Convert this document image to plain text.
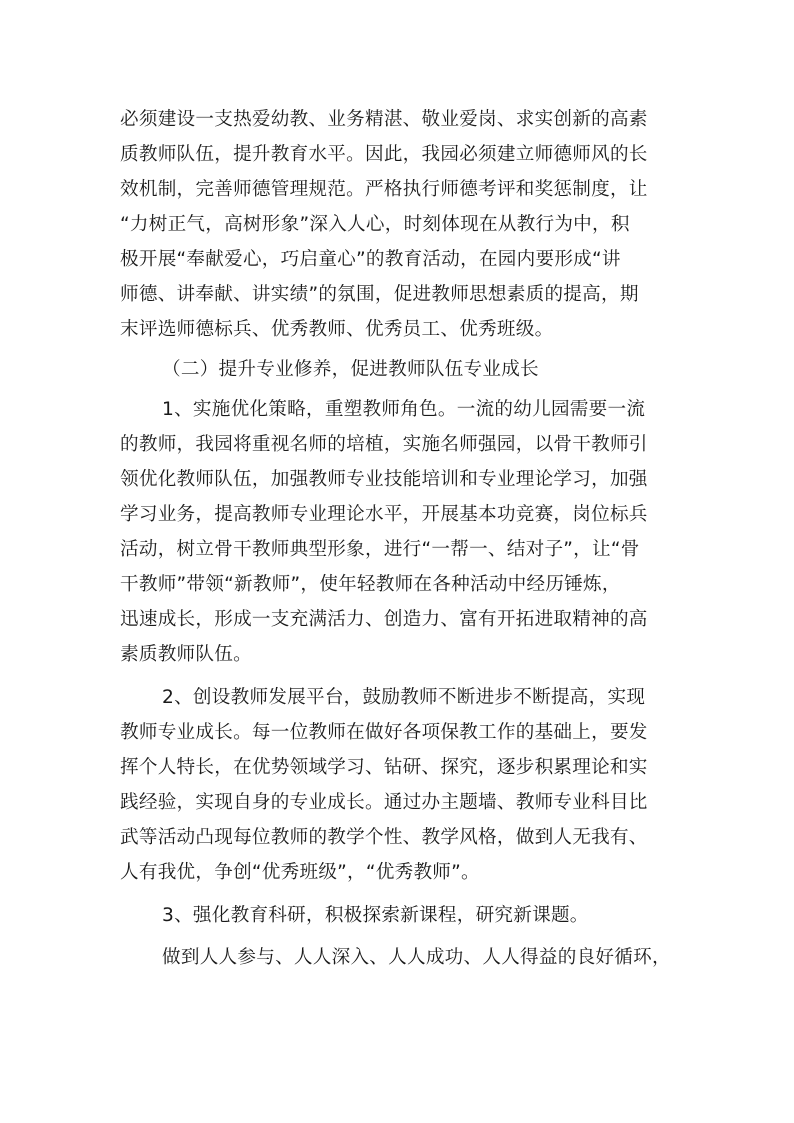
必须建设一支热爱幼教、业务精湛、敬业爱岗、求实创新的高素
质教师队伍，提升教育水平。因此，我园必须建立师德师风的长
效机制，完善师德管理规范。严格执行师德考评和奖惩制度，让
“力树正气，高树形象”深入人心，时刻体现在从教行为中，积
极开展“奉献爱心，巧启童心”的教育活动，在园内要形成“讲
师德、讲奉献、讲实绩”的氛围，促进教师思想素质的提高，期
末评选师德标兵、优秀教师、优秀员工、优秀班级。
（二）提升专业修养，促进教师队伍专业成长
1、实施优化策略，重塑教师角色。一流的幼儿园需要一流
的教师，我园将重视名师的培植，实施名师强园，以骨干教师引
领优化教师队伍，加强教师专业技能培训和专业理论学习，加强
学习业务，提高教师专业理论水平，开展基本功竞赛，岗位标兵
活动，树立骨干教师典型形象，进行“一帮一、结对子”，让“骨
干教师”带领“新教师”，使年轻教师在各种活动中经历锤炼，
迅速成长，形成一支充满活力、创造力、富有开拓进取精神的高
素质教师队伍。
2、创设教师发展平台，鼓励教师不断进步不断提高，实现
教师专业成长。每一位教师在做好各项保教工作的基础上，要发
挥个人特长，在优势领域学习、钻研、探究，逐步积累理论和实
践经验，实现自身的专业成长。通过办主题墙、教师专业科目比
武等活动凸现每位教师的教学个性、教学风格，做到人无我有、
人有我优，争创“优秀班级”，“优秀教师”。
3、强化教育科研，积极探索新课程，研究新课题。
做到人人参与、人人深入、人人成功、人人得益的良好循环，
